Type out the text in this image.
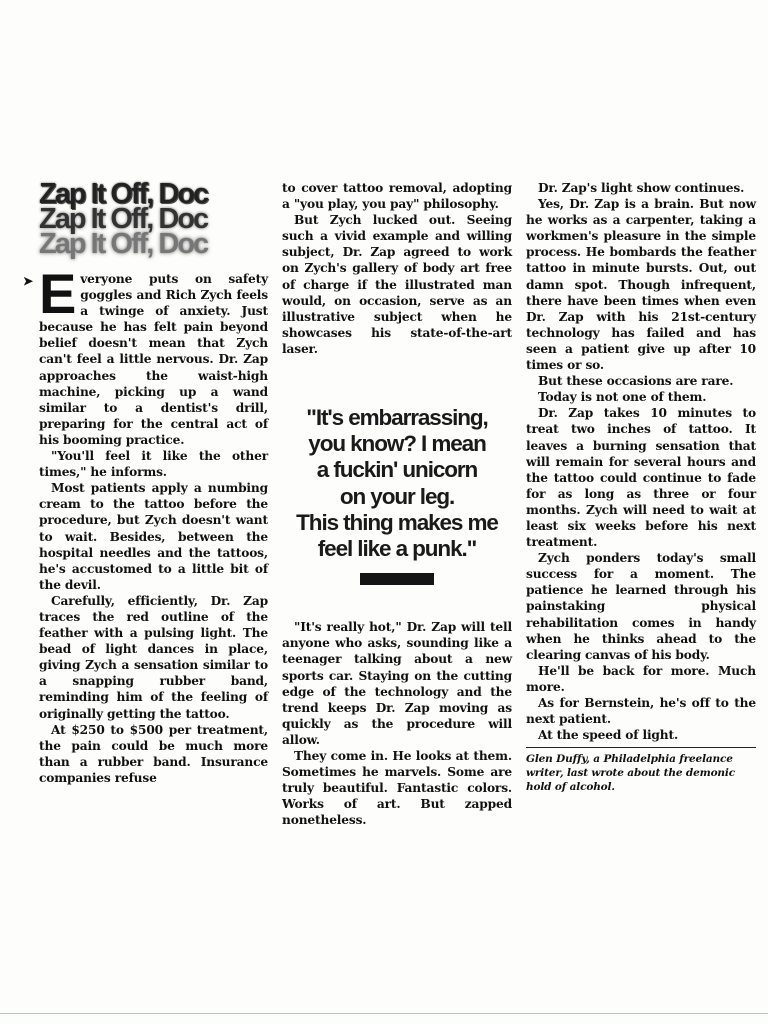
Zap It Off, Doc
Zap It Off, Doc
Zap It Off, Doc

➤ E veryone puts on safety goggles and Rich Zych feels a twinge of anxiety. Just because he has felt pain beyond belief doesn't mean that Zych can't feel a little nervous. Dr. Zap approaches the waist-high machine, picking up a wand similar to a dentist's drill, preparing for the central act of his booming practice.

"You'll feel it like the other times," he informs.

Most patients apply a numbing cream to the tattoo before the procedure, but Zych doesn't want to wait. Besides, between the hospital needles and the tattoos, he's accustomed to a little bit of the devil.

Carefully, efficiently, Dr. Zap traces the red outline of the feather with a pulsing light. The bead of light dances in place, giving Zych a sensation similar to a snapping rubber band, reminding him of the feeling of originally getting the tattoo.

At $250 to $500 per treatment, the pain could be much more than a rubber band. Insurance companies refuse

to cover tattoo removal, adopting a "you play, you pay" philosophy.

But Zych lucked out. Seeing such a vivid example and willing subject, Dr. Zap agreed to work on Zych's gallery of body art free of charge if the illustrated man would, on occasion, serve as an illustrative subject when he showcases his state-of-the-art laser.

"It's embarrassing,
you know? I mean
a fuckin' unicorn
on your leg.
This thing makes me
feel like a punk."

"It's really hot," Dr. Zap will tell anyone who asks, sounding like a teenager talking about a new sports car. Staying on the cutting edge of the technology and the trend keeps Dr. Zap moving as quickly as the procedure will allow.

They come in. He looks at them. Sometimes he marvels. Some are truly beautiful. Fantastic colors. Works of art. But zapped nonetheless.

Dr. Zap's light show continues.

Yes, Dr. Zap is a brain. But now he works as a carpenter, taking a workmen's pleasure in the simple process. He bombards the feather tattoo in minute bursts. Out, out damn spot. Though infrequent, there have been times when even Dr. Zap with his 21st-century technology has failed and has seen a patient give up after 10 times or so.

But these occasions are rare.

Today is not one of them.

Dr. Zap takes 10 minutes to treat two inches of tattoo. It leaves a burning sensation that will remain for several hours and the tattoo could continue to fade for as long as three or four months. Zych will need to wait at least six weeks before his next treatment.

Zych ponders today's small success for a moment. The patience he learned through his painstaking physical rehabilitation comes in handy when he thinks ahead to the clearing canvas of his body.

He'll be back for more. Much more.

As for Bernstein, he's off to the next patient.

At the speed of light.

Glen Duffy, a Philadelphia freelance writer, last wrote about the demonic hold of alcohol.
